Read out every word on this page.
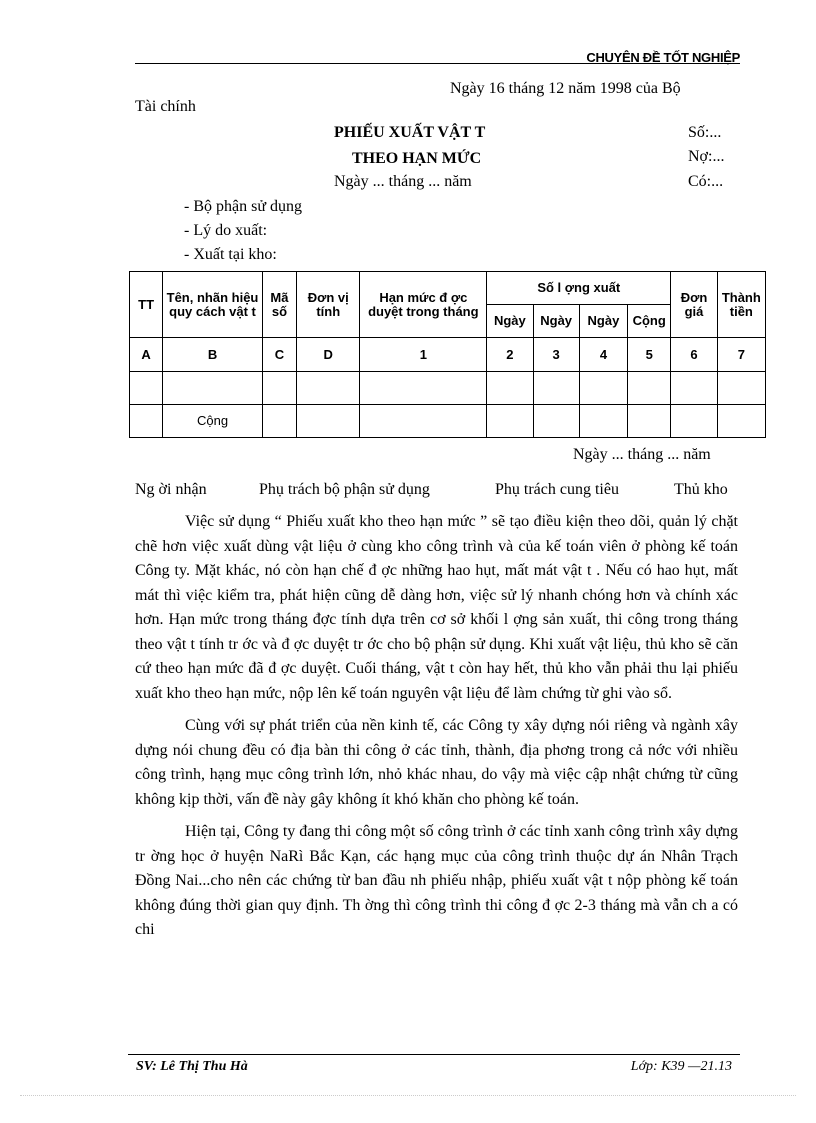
CHUYÊN ĐỀ TỐT NGHIỆP
Ngày 16 tháng 12 năm 1998 của Bộ
Tài chính
PHIẾU XUẤT VẬT T
THEO HẠN MỨC
Ngày ... tháng ... năm
Số:...
Nợ:...
Có:...
- Bộ phận sử dụng
- Lý do xuất:
- Xuất tại kho:
TT	Tên, nhãn hiệu quy cách vật t	Mã số	Đơn vị tính	Hạn mức đ ợc duyệt trong tháng	Số l ợng xuất				Đơn giá	Thành tiền
					Ngày	Ngày	Ngày	Cộng		
A	B	C	D	1	2	3	4	5	6	7

	Cộng									
Ngày ... tháng ... năm
Ng ời nhận	Phụ trách bộ phận sử dụng	Phụ trách cung tiêu	Thủ kho

Việc sử dụng “ Phiếu xuất kho theo hạn mức ” sẽ tạo điều kiện theo dõi, quản lý chặt chẽ hơn việc xuất dùng vật liệu ở cùng kho công trình và của kế toán viên ở phòng kế toán Công ty. Mặt khác, nó còn hạn chế đ ợc những hao hụt, mất mát vật t . Nếu có hao hụt, mất mát thì việc kiểm tra, phát hiện cũng dễ dàng hơn, việc sử lý nhanh chóng hơn và chính xác hơn. Hạn mức trong tháng đợc tính dựa trên cơ sở khối l ợng sản xuất, thi công trong tháng theo vật t tính tr ớc và đ ợc duyệt tr ớc cho bộ phận sử dụng. Khi xuất vật liệu, thủ kho sẽ căn cứ theo hạn mức đã đ ợc duyệt. Cuối tháng, vật t còn hay hết, thủ kho vẫn phải thu lại phiếu xuất kho theo hạn mức, nộp lên kế toán nguyên vật liệu để làm chứng từ ghi vào sổ.

Cùng với sự phát triển của nền kinh tế, các Công ty xây dựng nói riêng và ngành xây dựng nói chung đều có địa bàn thi công ở các tỉnh, thành, địa phơng trong cả nớc với nhiều công trình, hạng mục công trình lớn, nhỏ khác nhau, do vậy mà việc cập nhật chứng từ cũng không kịp thời, vấn đề này gây không ít khó khăn cho phòng kế toán.

Hiện tại, Công ty đang thi công một số công trình ở các tỉnh xanh công trình xây dựng tr ờng học ở huyện NaRì Bắc Kạn, các hạng mục của công trình thuộc dự án Nhân Trạch Đồng Nai...cho nên các chứng từ ban đầu nh phiếu nhập, phiếu xuất vật t nộp phòng kế toán không đúng thời gian quy định. Th ờng thì công trình thi công đ ợc 2-3 tháng mà vẫn ch a có chi

SV: Lê Thị Thu Hà	Lớp: K39 —21.13
